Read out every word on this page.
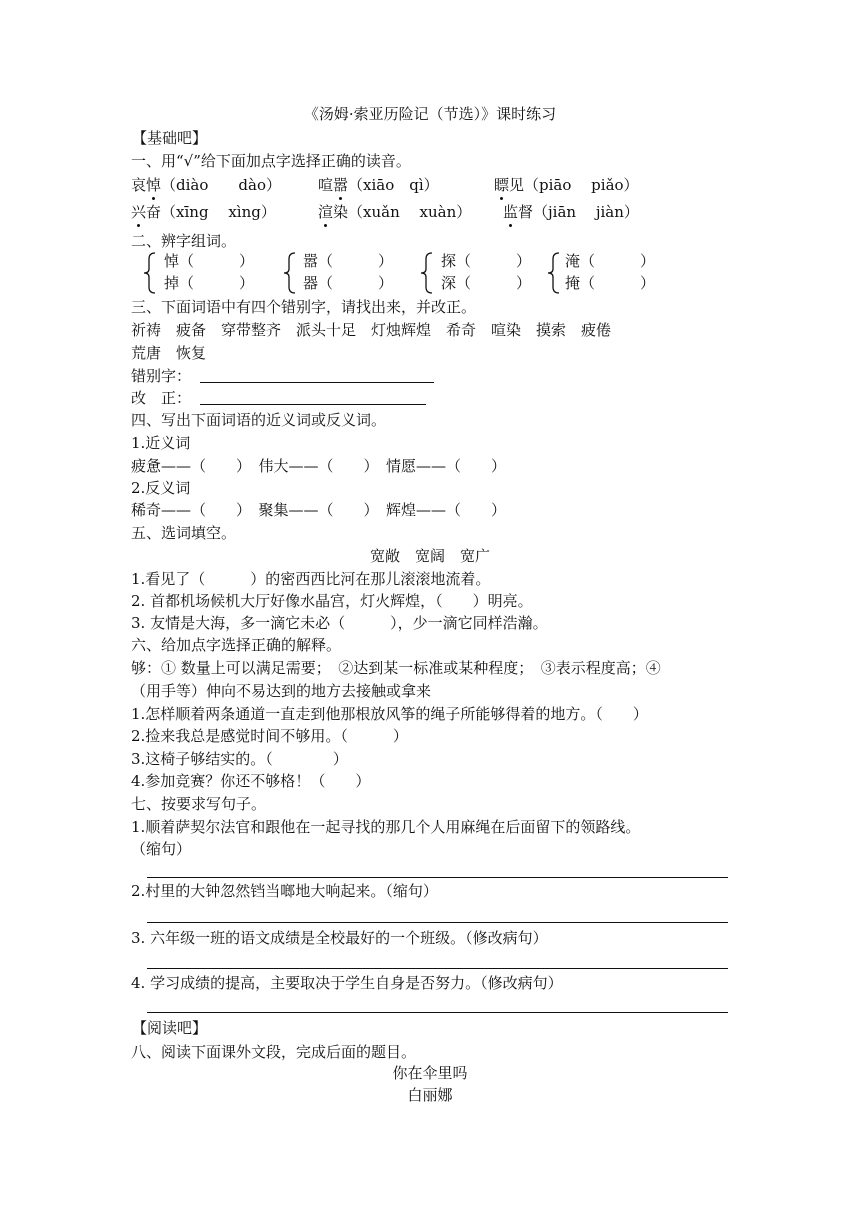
《汤姆·索亚历险记（节选）》课时练习
【基础吧】
一、用“√”给下面加点字选择正确的读音。
哀悼（diào　　dào） 喧嚣（xiāo　qì）	瞟见（piāo　 piǎo）
兴奋（xīng　 xìng）	渲染（xuǎn　 xuàn） 监督（jiān　 jiàn）
二、辨字组词。
悼（　　　）
掉（　　　）
嚣（　　　）
器（　　　）
探（　　　）
深（　　　）
淹（　　　）
掩（　　　）
三、下面词语中有四个错别字，请找出来，并改正。
祈祷　疲备　穿带整齐　派头十足　灯烛辉煌　希奇　喧染　摸索　疲倦
荒唐　恢复
错别字：
改　正：
四、写出下面词语的近义词或反义词。
1.近义词
疲惫——（　　）　伟大——（　　）　情愿——（　　）
2.反义词
稀奇——（　　）　聚集——（　　）　辉煌——（　　）
五、选词填空。
宽敞　宽阔　宽广
1.看见了（　　　）的密西西比河在那儿滚滚地流着。
2. 首都机场候机大厅好像水晶宫，灯火辉煌，（　　）明亮。
3. 友情是大海，多一滴它未必（　　　），少一滴它同样浩瀚。
六、给加点字选择正确的解释。
够：① 数量上可以满足需要；　②达到某一标准或某种程度；　③表示程度高；④
（用手等）伸向不易达到的地方去接触或拿来
1.怎样顺着两条通道一直走到他那根放风筝的绳子所能够得着的地方。（　　）
2.捡来我总是感觉时间不够用。（　　　）
3.这椅子够结实的。（　　　　）
4.参加竞赛？你还不够格！（　　）
七、按要求写句子。
1.顺着萨契尔法官和跟他在一起寻找的那几个人用麻绳在后面留下的领路线。
（缩句）
2.村里的大钟忽然铛当啷地大响起来。（缩句）
3. 六年级一班的语文成绩是全校最好的一个班级。（修改病句）
4. 学习成绩的提高，主要取决于学生自身是否努力。（修改病句）
【阅读吧】
八、阅读下面课外文段，完成后面的题目。
你在伞里吗
白丽娜
